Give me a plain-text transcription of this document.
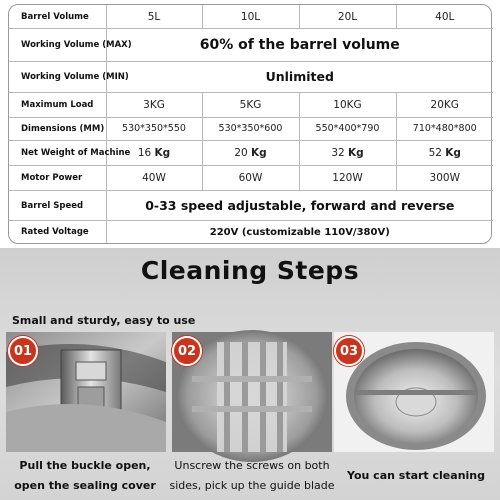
Barrel Volume	5L	10L	20L	40L
Working Volume (MAX)	60% of the barrel volume			
Working Volume (MIN)	Unlimited			
Maximum Load	3KG	5KG	10KG	20KG
Dimensions (MM)	530*350*550	530*350*600	550*400*790	710*480*800
Net Weight of Machine	16 Kg	20 Kg	32 Kg	52 Kg
Motor Power	40W	60W	120W	300W
Barrel Speed	0-33 speed adjustable, forward and reverse			
Rated Voltage	220V (customizable 110V/380V)			
Cleaning Steps
Small and sturdy, easy to use
01	02	03
Pull the buckle open,
open the sealing cover
Unscrew the screws on both
sides, pick up the guide blade
You can start cleaning
